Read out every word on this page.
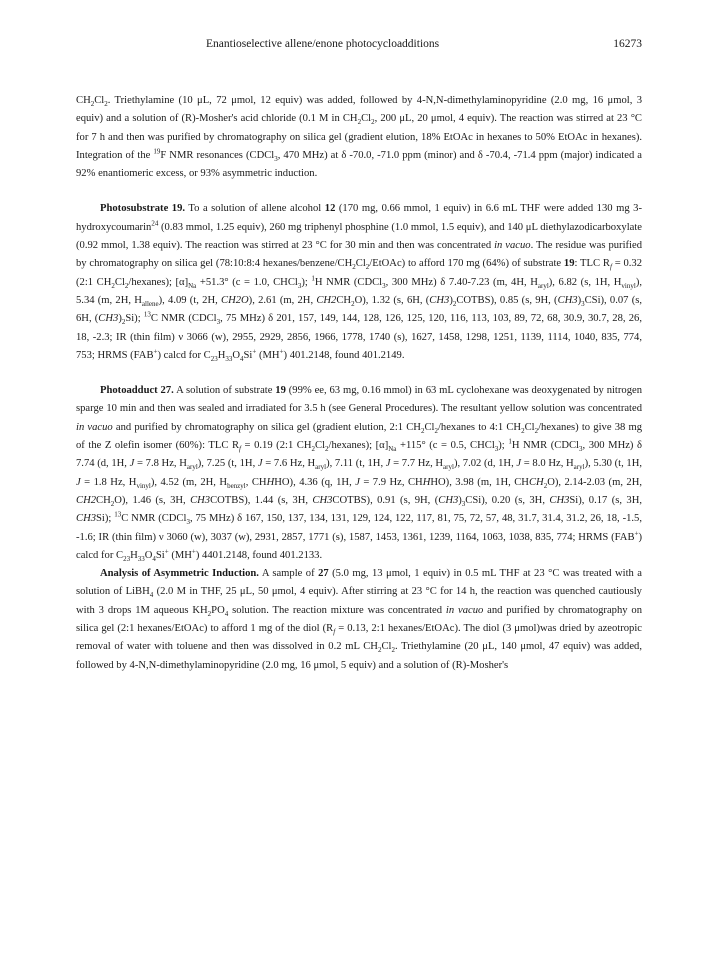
Enantioselective allene/enone photocycloadditions	16273

$CH_2Cl_2$. Triethylamine (10 μL, 72 μmol, 12 equiv) was added, followed by 4-N,N-dimethylaminopyridine (2.0 mg, 16 μmol, 3 equiv) and a solution of (R)-Mosher's acid chloride (0.1 M in $CH_2Cl_2$, 200 μL, 20 μmol, 4 equiv). The reaction was stirred at 23 °C for 7 h and then was purified by chromatography on silica gel (gradient elution, 18% EtOAc in hexanes to 50% EtOAc in hexanes). Integration of the $^{19}$F NMR resonances (CDCl$_3$, 470 MHz) at δ -70.0, -71.0 ppm (minor) and δ -70.4, -71.4 ppm (major) indicated a 92% enantiomeric excess, or 93% asymmetric induction.

Photosubstrate 19. To a solution of allene alcohol 12 (170 mg, 0.66 mmol, 1 equiv) in 6.6 mL THF were added 130 mg 3-hydroxycoumarin$^{24}$ (0.83 mmol, 1.25 equiv), 260 mg triphenyl phosphine (1.0 mmol, 1.5 equiv), and 140 μL diethylazodicarboxylate (0.92 mmol, 1.38 equiv). The reaction was stirred at 23 °C for 30 min and then was concentrated in vacuo. The residue was purified by chromatography on silica gel (78:10:8:4 hexanes/$benzene/CH_2Cl_2/EtOAc$) to afford 170 mg (64%) of substrate 19: TLC $R_f = 0.32$ (2:1 $CH_2Cl_2/hexanes$); $[\alpha]_{Na} +51.3^\circ$ (c = 1.0, CHCl$_3$); $^1$H NMR (CDCl$_3$, 300 MHz) δ 7.40-7.23 (m, 4H, $H_{aryl}$), 6.82 (s, 1H, $H_{vinyl}$), 5.34 (m, 2H, $H_{allene}$), 4.09 (t, 2H, CH2O), 2.61 (m, 2H, $CH2CH_2O$), 1.32 (s, 6H, $(CH3)_2COTBS$), 0.85 (s, 9H, $(CH3)_3CSi$), 0.07 (s, 6H, $(CH3)_2Si$); $^{13}$C NMR (CDCl$_3$, 75 MHz) δ 201, 157, 149, 144, 128, 126, 125, 120, 116, 113, 103, 89, 72, 68, 30.9, 30.7, 28, 26, 18, -2.3; IR (thin film) ν 3066 (w), 2955, 2929, 2856, 1966, 1778, 1740 (s), 1627, 1458, 1298, 1251, 1139, 1114, 1040, 835, 774, 753; HRMS (FAB+) calcd for $C_{23}H_{33}O_4Si^+$ (MH+) 401.2148, found 401.2149.

Photoadduct 27. A solution of substrate 19 (99% ee, 63 mg, 0.16 mmol) in 63 mL cyclohexane was deoxygenated by nitrogen sparge 10 min and then was sealed and irradiated for 3.5 h (see General Procedures). The resultant yellow solution was concentrated in vacuo and purified by chromatography on silica gel (gradient elution, 2:1 $CH_2Cl_2$/hexanes to 4:1 $CH_2Cl_2/hexanes$) to give 38 mg of the Z olefin isomer (60%): TLC $R_f = 0.19$ (2:1 $CH_2Cl_2/hexanes$); $[\alpha]_{Na} +115^\circ$ (c = 0.5, CHCl$_3$); $^1$H NMR (CDCl$_3$, 300 MHz) δ 7.74 (d, 1H, J = 7.8 Hz, $H_{aryl}$), 7.25 (t, 1H, J = 7.6 Hz, $H_{aryl}$), 7.11 (t, 1H, J = 7.7 Hz, $H_{aryl}$), 7.02 (d, 1H, J = 8.0 Hz, $H_{aryl}$), 5.30 (t, 1H, J = 1.8 Hz, $H_{vinyl}$), 4.52 (m, 2H, $H_{benzyl}$, CHHHO), 4.36 (q, 1H, J = 7.9 Hz, CHHHO), 3.98 (m, 1H, $CHCH_2O$), 2.14-2.03 (m, 2H, $CH2CH_2O$), 1.46 (s, 3H, CH3COTBS), 1.44 (s, 3H, CH3COTBS), 0.91 (s, 9H, $(CH3)_3CSi$), 0.20 (s, 3H, CH3Si), 0.17 (s, 3H, CH3Si); $^{13}$C NMR (CDCl$_3$, 75 MHz) δ 167, 150, 137, 134, 131, 129, 124, 122, 117, 81, 75, 72, 57, 48, 31.7, 31.4, 31.2, 26, 18, -1.5, -1.6; IR (thin film) ν 3060 (w), 3037 (w), 2931, 2857, 1771 (s), 1587, 1453, 1361, 1239, 1164, 1063, 1038, 835, 774; HRMS (FAB+) calcd for $C_{23}H_{33}O_4Si^+$ (MH+) 4401.2148, found 401.2133.

Analysis of Asymmetric Induction. A sample of 27 (5.0 mg, 13 μmol, 1 equiv) in 0.5 mL THF at 23 °C was treated with a solution of LiBH$_4$ (2.0 M in THF, 25 μL, 50 μmol, 4 equiv). After stirring at 23 °C for 14 h, the reaction was quenched cautiously with 3 drops 1M aqueous $KH_2PO_4$ solution. The reaction mixture was concentrated in vacuo and purified by chromatography on silica gel (2:1 hexanes/EtOAc) to afford 1 mg of the diol ($R_f = 0.13$, 2:1 hexanes/EtOAc). The diol (3 μmol)was dried by azeotropic removal of water with toluene and then was dissolved in 0.2 mL $CH_2Cl_2$. Triethylamine (20 μL, 140 μmol, 47 equiv) was added, followed by 4-N,N-dimethylaminopyridine (2.0 mg, 16 μmol, 5 equiv) and a solution of (R)-Mosher's
